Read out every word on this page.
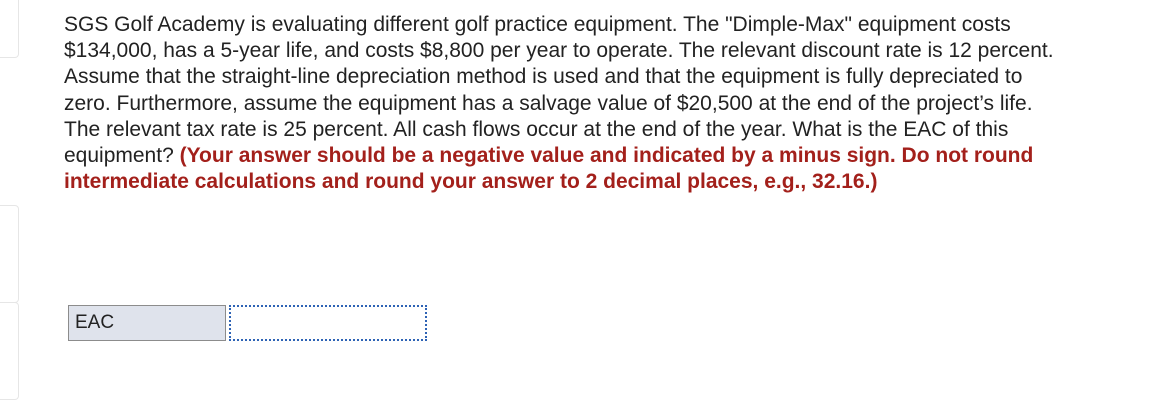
SGS Golf Academy is evaluating different golf practice equipment. The "Dimple-Max" equipment costs $134,000, has a 5-year life, and costs $8,800 per year to operate. The relevant discount rate is 12 percent. Assume that the straight-line depreciation method is used and that the equipment is fully depreciated to zero. Furthermore, assume the equipment has a salvage value of $20,500 at the end of the project’s life. The relevant tax rate is 25 percent. All cash flows occur at the end of the year. What is the EAC of this equipment? (Your answer should be a negative value and indicated by a minus sign. Do not round intermediate calculations and round your answer to 2 decimal places, e.g., 32.16.)
EAC
